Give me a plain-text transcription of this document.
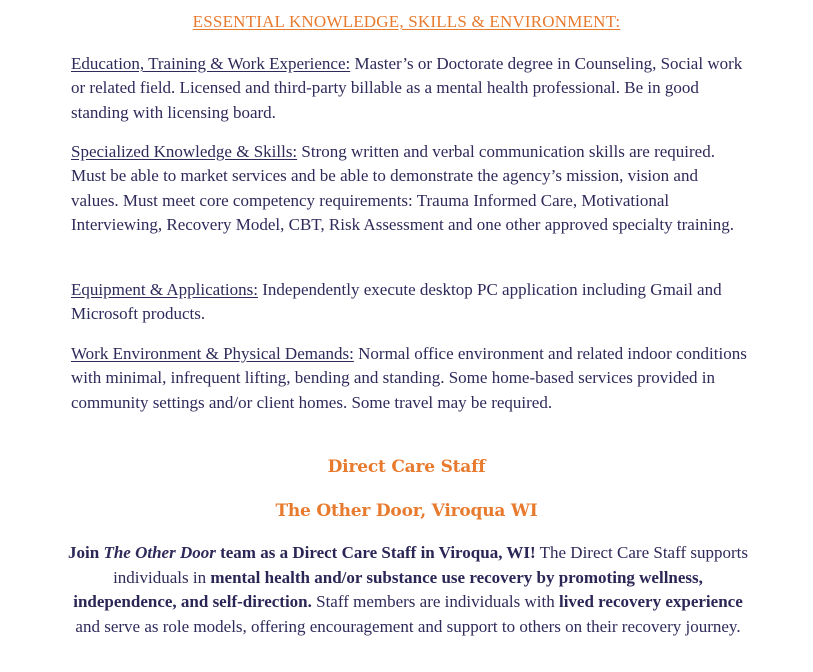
ESSENTIAL KNOWLEDGE, SKILLS & ENVIRONMENT:
Education, Training & Work Experience: Master’s or Doctorate degree in Counseling, Social work or related field. Licensed and third-party billable as a mental health professional. Be in good standing with licensing board.
Specialized Knowledge & Skills: Strong written and verbal communication skills are required. Must be able to market services and be able to demonstrate the agency’s mission, vision and values. Must meet core competency requirements: Trauma Informed Care, Motivational Interviewing, Recovery Model, CBT, Risk Assessment and one other approved specialty training.
Equipment & Applications: Independently execute desktop PC application including Gmail and Microsoft products.
Work Environment & Physical Demands: Normal office environment and related indoor conditions with minimal, infrequent lifting, bending and standing. Some home-based services provided in community settings and/or client homes. Some travel may be required.
Direct Care Staff
The Other Door, Viroqua WI
Join The Other Door team as a Direct Care Staff in Viroqua, WI! The Direct Care Staff supports individuals in mental health and/or substance use recovery by promoting wellness, independence, and self-direction. Staff members are individuals with lived recovery experience and serve as role models, offering encouragement and support to others on their recovery journey.
